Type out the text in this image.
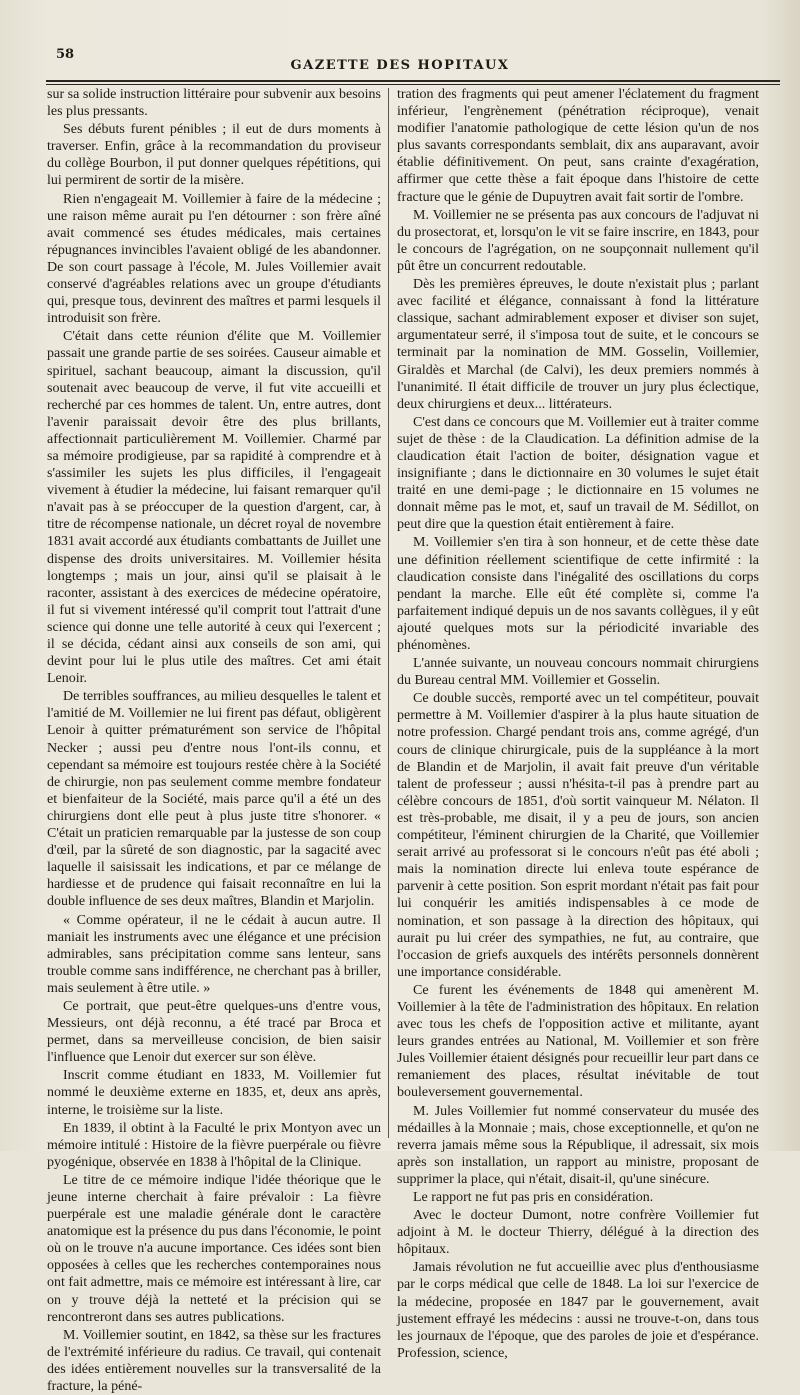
58
GAZETTE DES HOPITAUX

sur sa solide instruction littéraire pour subvenir aux besoins les plus pressants.

Ses débuts furent pénibles ; il eut de durs moments à traverser. Enfin, grâce à la recommandation du proviseur du collège Bourbon, il put donner quelques répétitions, qui lui permirent de sortir de la misère.

Rien n'engageait M. Voillemier à faire de la médecine ; une raison même aurait pu l'en détourner : son frère aîné avait commencé ses études médicales, mais certaines répugnances invincibles l'avaient obligé de les abandonner. De son court passage à l'école, M. Jules Voillemier avait conservé d'agréables relations avec un groupe d'étudiants qui, presque tous, devinrent des maîtres et parmi lesquels il introduisit son frère.

C'était dans cette réunion d'élite que M. Voillemier passait une grande partie de ses soirées. Causeur aimable et spirituel, sachant beaucoup, aimant la discussion, qu'il soutenait avec beaucoup de verve, il fut vite accueilli et recherché par ces hommes de talent. Un, entre autres, dont l'avenir paraissait devoir être des plus brillants, affectionnait particulièrement M. Voillemier. Charmé par sa mémoire prodigieuse, par sa rapidité à comprendre et à s'assimiler les sujets les plus difficiles, il l'engageait vivement à étudier la médecine, lui faisant remarquer qu'il n'avait pas à se préoccuper de la question d'argent, car, à titre de récompense nationale, un décret royal de novembre 1831 avait accordé aux étudiants combattants de Juillet une dispense des droits universitaires. M. Voillemier hésita longtemps ; mais un jour, ainsi qu'il se plaisait à le raconter, assistant à des exercices de médecine opératoire, il fut si vivement intéressé qu'il comprit tout l'attrait d'une science qui donne une telle autorité à ceux qui l'exercent ; il se décida, cédant ainsi aux conseils de son ami, qui devint pour lui le plus utile des maîtres. Cet ami était Lenoir.

De terribles souffrances, au milieu desquelles le talent et l'amitié de M. Voillemier ne lui firent pas défaut, obligèrent Lenoir à quitter prématurément son service de l'hôpital Necker ; aussi peu d'entre nous l'ont-ils connu, et cependant sa mémoire est toujours restée chère à la Société de chirurgie, non pas seulement comme membre fondateur et bienfaiteur de la Société, mais parce qu'il a été un des chirurgiens dont elle peut à plus juste titre s'honorer. « C'était un praticien remarquable par la justesse de son coup d'œil, par la sûreté de son diagnostic, par la sagacité avec laquelle il saisissait les indications, et par ce mélange de hardiesse et de prudence qui faisait reconnaître en lui la double influence de ses deux maîtres, Blandin et Marjolin.

« Comme opérateur, il ne le cédait à aucun autre. Il maniait les instruments avec une élégance et une précision admirables, sans précipitation comme sans lenteur, sans trouble comme sans indifférence, ne cherchant pas à briller, mais seulement à être utile. »

Ce portrait, que peut-être quelques-uns d'entre vous, Messieurs, ont déjà reconnu, a été tracé par Broca et permet, dans sa merveilleuse concision, de bien saisir l'influence que Lenoir dut exercer sur son élève.

Inscrit comme étudiant en 1833, M. Voillemier fut nommé le deuxième externe en 1835, et, deux ans après, interne, le troisième sur la liste.

En 1839, il obtint à la Faculté le prix Montyon avec un mémoire intitulé : Histoire de la fièvre puerpérale ou fièvre pyogénique, observée en 1838 à l'hôpital de la Clinique.

Le titre de ce mémoire indique l'idée théorique que le jeune interne cherchait à faire prévaloir : La fièvre puerpérale est une maladie générale dont le caractère anatomique est la présence du pus dans l'économie, le point où on le trouve n'a aucune importance. Ces idées sont bien opposées à celles que les recherches contemporaines nous ont fait admettre, mais ce mémoire est intéressant à lire, car on y trouve déjà la netteté et la précision qui se rencontreront dans ses autres publications.

M. Voillemier soutint, en 1842, sa thèse sur les fractures de l'extrémité inférieure du radius. Ce travail, qui contenait des idées entièrement nouvelles sur la transversalité de la fracture, la péné-

tration des fragments qui peut amener l'éclatement du fragment inférieur, l'engrènement (pénétration réciproque), venait modifier l'anatomie pathologique de cette lésion qu'un de nos plus savants correspondants semblait, dix ans auparavant, avoir établie définitivement. On peut, sans crainte d'exagération, affirmer que cette thèse a fait époque dans l'histoire de cette fracture que le génie de Dupuytren avait fait sortir de l'ombre.

M. Voillemier ne se présenta pas aux concours de l'adjuvat ni du prosectorat, et, lorsqu'on le vit se faire inscrire, en 1843, pour le concours de l'agrégation, on ne soupçonnait nullement qu'il pût être un concurrent redoutable.

Dès les premières épreuves, le doute n'existait plus ; parlant avec facilité et élégance, connaissant à fond la littérature classique, sachant admirablement exposer et diviser son sujet, argumentateur serré, il s'imposa tout de suite, et le concours se terminait par la nomination de MM. Gosselin, Voillemier, Giraldès et Marchal (de Calvi), les deux premiers nommés à l'unanimité. Il était difficile de trouver un jury plus éclectique, deux chirurgiens et deux... littérateurs.

C'est dans ce concours que M. Voillemier eut à traiter comme sujet de thèse : de la Claudication. La définition admise de la claudication était l'action de boiter, désignation vague et insignifiante ; dans le dictionnaire en 30 volumes le sujet était traité en une demi-page ; le dictionnaire en 15 volumes ne donnait même pas le mot, et, sauf un travail de M. Sédillot, on peut dire que la question était entièrement à faire.

M. Voillemier s'en tira à son honneur, et de cette thèse date une définition réellement scientifique de cette infirmité : la claudication consiste dans l'inégalité des oscillations du corps pendant la marche. Elle eût été complète si, comme l'a parfaitement indiqué depuis un de nos savants collègues, il y eût ajouté quelques mots sur la périodicité invariable des phénomènes.

L'année suivante, un nouveau concours nommait chirurgiens du Bureau central MM. Voillemier et Gosselin.

Ce double succès, remporté avec un tel compétiteur, pouvait permettre à M. Voillemier d'aspirer à la plus haute situation de notre profession. Chargé pendant trois ans, comme agrégé, d'un cours de clinique chirurgicale, puis de la suppléance à la mort de Blandin et de Marjolin, il avait fait preuve d'un véritable talent de professeur ; aussi n'hésita-t-il pas à prendre part au célèbre concours de 1851, d'où sortit vainqueur M. Nélaton. Il est très-probable, me disait, il y a peu de jours, son ancien compétiteur, l'éminent chirurgien de la Charité, que Voillemier serait arrivé au professorat si le concours n'eût pas été aboli ; mais la nomination directe lui enleva toute espérance de parvenir à cette position. Son esprit mordant n'était pas fait pour lui conquérir les amitiés indispensables à ce mode de nomination, et son passage à la direction des hôpitaux, qui aurait pu lui créer des sympathies, ne fut, au contraire, que l'occasion de griefs auxquels des intérêts personnels donnèrent une importance considérable.

Ce furent les événements de 1848 qui amenèrent M. Voillemier à la tête de l'administration des hôpitaux. En relation avec tous les chefs de l'opposition active et militante, ayant leurs grandes entrées au National, M. Voillemier et son frère Jules Voillemier étaient désignés pour recueillir leur part dans ce remaniement des places, résultat inévitable de tout bouleversement gouvernemental.

M. Jules Voillemier fut nommé conservateur du musée des médailles à la Monnaie ; mais, chose exceptionnelle, et qu'on ne reverra jamais même sous la République, il adressait, six mois après son installation, un rapport au ministre, proposant de supprimer la place, qui n'était, disait-il, qu'une sinécure.

Le rapport ne fut pas pris en considération.

Avec le docteur Dumont, notre confrère Voillemier fut adjoint à M. le docteur Thierry, délégué à la direction des hôpitaux.

Jamais révolution ne fut accueillie avec plus d'enthousiasme par le corps médical que celle de 1848. La loi sur l'exercice de la médecine, proposée en 1847 par le gouvernement, avait justement effrayé les médecins : aussi ne trouve-t-on, dans tous les journaux de l'époque, que des paroles de joie et d'espérance. Profession, science,
